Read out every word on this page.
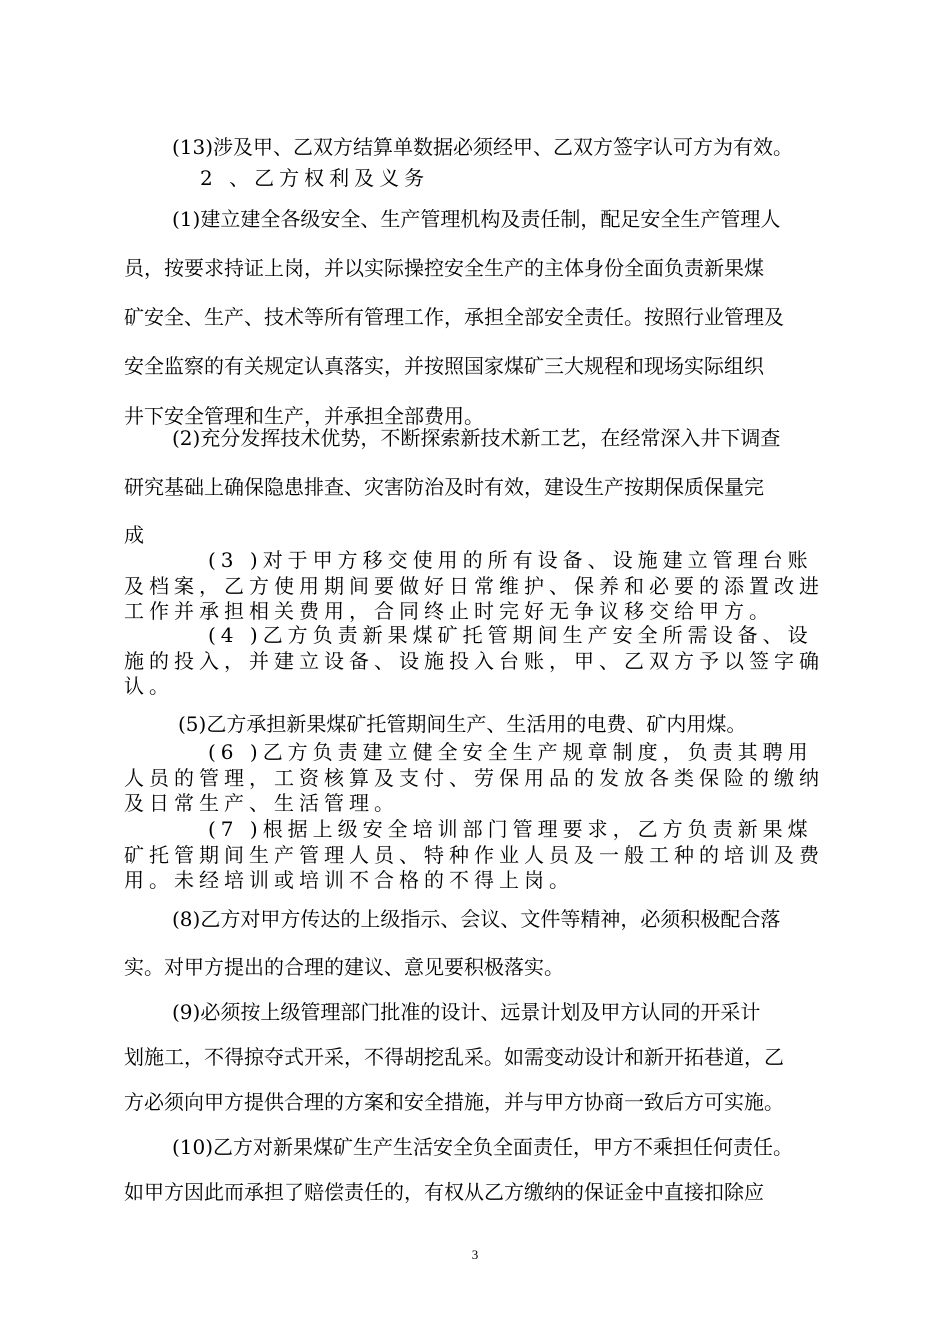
(13)涉及甲、乙双方结算单数据必须经甲、乙双方签字认可方为有效。
2 、乙方权利及义务
(1)建立建全各级安全、生产管理机构及责任制，配足安全生产管理人
员，按要求持证上岗，并以实际操控安全生产的主体身份全面负责新果煤
矿安全、生产、技术等所有管理工作，承担全部安全责任。按照行业管理及
安全监察的有关规定认真落实，并按照国家煤矿三大规程和现场实际组织
井下安全管理和生产，并承担全部费用。
(2)充分发挥技术优势，不断探索新技术新工艺，在经常深入井下调查
研究基础上确保隐患排查、灾害防治及时有效，建设生产按期保质保量完
成
(3 )对于甲方移交使用的所有设备、设施建立管理台账
及档案，乙方使用期间要做好日常维护、保养和必要的添置改进
工作并承担相关费用，合同终止时完好无争议移交给甲方。
(4 )乙方负责新果煤矿托管期间生产安全所需设备、设
施的投入，并建立设备、设施投入台账，甲、乙双方予以签字确
认。
(5)乙方承担新果煤矿托管期间生产、生活用的电费、矿内用煤。
(6 )乙方负责建立健全安全生产规章制度，负责其聘用
人员的管理，工资核算及支付、劳保用品的发放各类保险的缴纳
及日常生产、生活管理。
(7 )根据上级安全培训部门管理要求，乙方负责新果煤
矿托管期间生产管理人员、特种作业人员及一般工种的培训及费
用。未经培训或培训不合格的不得上岗。
(8)乙方对甲方传达的上级指示、会议、文件等精神，必须积极配合落
实。对甲方提出的合理的建议、意见要积极落实。
(9)必须按上级管理部门批准的设计、远景计划及甲方认同的开采计
划施工，不得掠夺式开采，不得胡挖乱采。如需变动设计和新开拓巷道，乙
方必须向甲方提供合理的方案和安全措施，并与甲方协商一致后方可实施。
(10)乙方对新果煤矿生产生活安全负全面责任，甲方不乘担任何责任。
如甲方因此而承担了赔偿责任的，有权从乙方缴纳的保证金中直接扣除应
3
